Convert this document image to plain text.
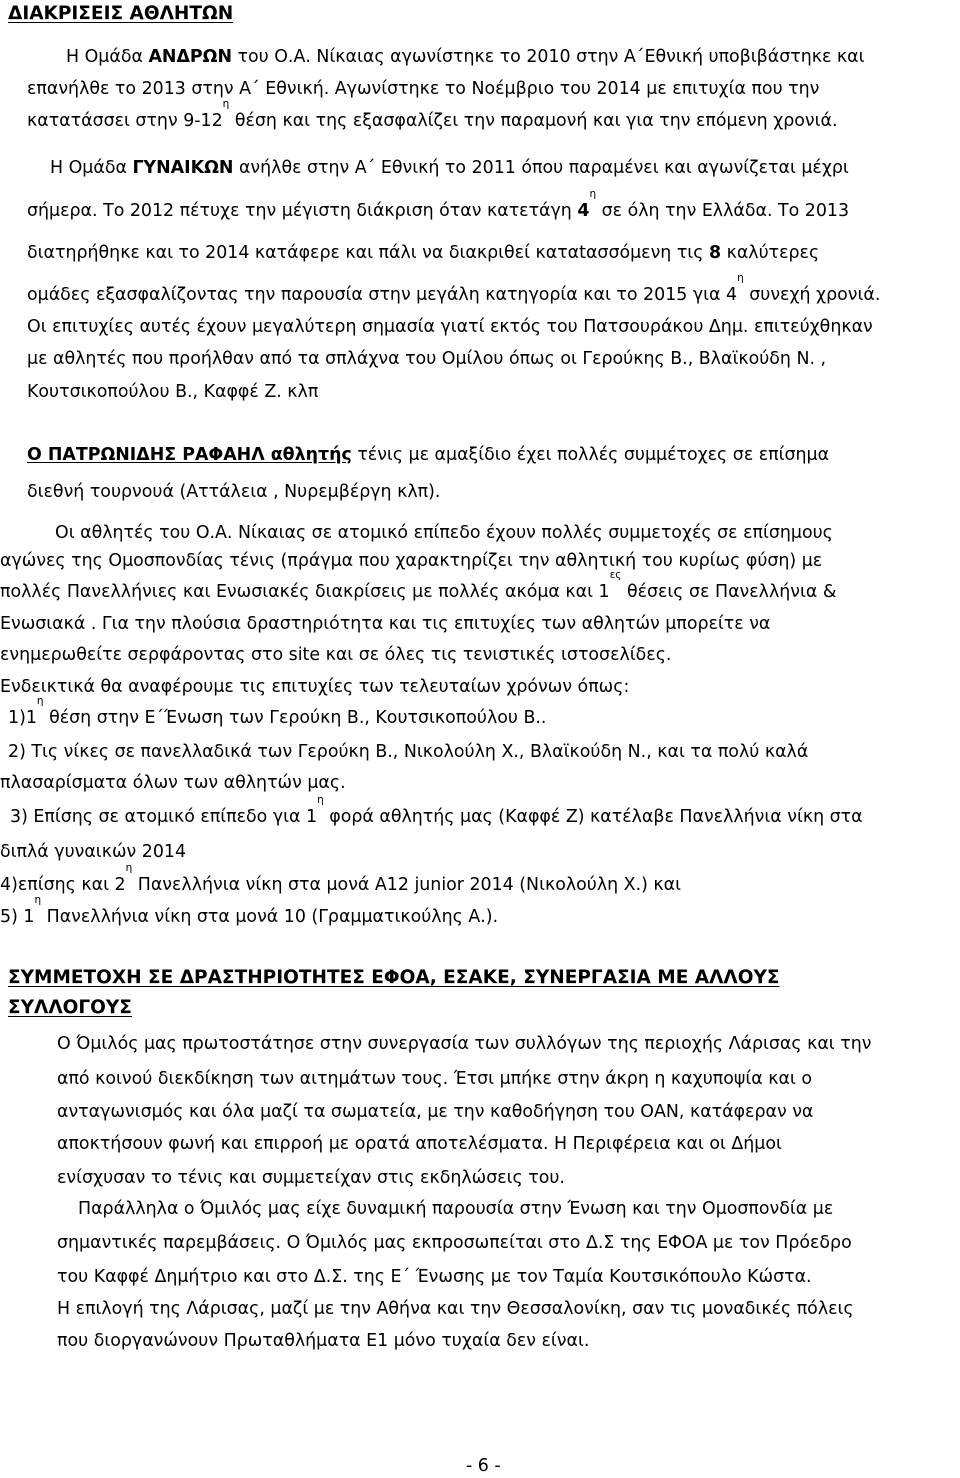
ΔΙΑΚΡΙΣΕΙΣ ΑΘΛΗΤΩΝ
Η Ομάδα ΑΝΔΡΩΝ του Ο.Α. Νίκαιας αγωνίστηκε το 2010 στην Α΄Εθνική υποβιβάστηκε και
επανήλθε το 2013 στην Α΄ Εθνική. Αγωνίστηκε το Νοέμβριο του 2014 με επιτυχία που την
κατατάσσει στην $9-12^\eta$ θέση και της εξασφαλίζει την παραμονή και για την επόμενη χρονιά.
Η Ομάδα ΓΥΝΑΙΚΩΝ ανήλθε στην Α΄ Εθνική το 2011 όπου παραμένει και αγωνίζεται μέχρι
σήμερα. Το 2012 πέτυχε την μέγιστη διάκριση όταν κατετάγη $4^\eta$ σε όλη την Ελλάδα. Το 2013
διατηρήθηκε και το 2014 κατάφερε και πάλι να διακριθεί καταtασσόμενη τις 8 καλύτερες
ομάδες εξασφαλίζοντας την παρουσία στην μεγάλη κατηγορία και το 2015 για $4^\eta$ συνεχή χρονιά.
Οι επιτυχίες αυτές έχουν μεγαλύτερη σημασία γιατί εκτός του Πατσουράκου Δημ. επιτεύχθηκαν
με αθλητές που προήλθαν από τα σπλάχνα του Ομίλου όπως οι Γερούκης Β., Βλαϊκούδη Ν. ,
Κουτσικοπούλου Β., Καφφέ Ζ. κλπ
Ο ΠΑΤΡΩΝΙΔΗΣ ΡΑΦΑΗΛ αθλητής τένις με αμαξίδιο έχει πολλές συμμέτοχες σε επίσημα
διεθνή τουρνουά (Αττάλεια , Νυρεμβέργη κλπ).
Οι αθλητές του Ο.Α. Νίκαιας σε ατομικό επίπεδο έχουν πολλές συμμετοχές σε επίσημους
αγώνες της Ομοσπονδίας τένις (πράγμα που χαρακτηρίζει την αθλητική του κυρίως φύση) με
πολλές Πανελλήνιες και Ενωσιακές διακρίσεις με πολλές ακόμα και $1^{\varepsilon\varsigma}$ θέσεις σε Πανελλήνια &
Ενωσιακά . Για την πλούσια δραστηριότητα και τις επιτυχίες των αθλητών μπορείτε να
ενημερωθείτε σερφάροντας στο site και σε όλες τις τενιστικές ιστοσελίδες.
Ενδεικτικά θα αναφέρουμε τις επιτυχίες των τελευταίων χρόνων όπως:
$1)1^\eta$ θέση στην Ε΄Ένωση των Γερούκη Β., Κουτσικοπούλου Β..
2) Τις νίκες σε πανελλαδικά των Γερούκη Β., Νικολούλη Χ., Βλαϊκούδη Ν., και τα πολύ καλά
πλασαρίσματα όλων των αθλητών μας.
3) Επίσης σε ατομικό επίπεδο για $1^\eta$ φορά αθλητής μας (Καφφέ Ζ) κατέλαβε Πανελλήνια νίκη στα
διπλά γυναικών 2014
4)επίσης και $2^\eta$ Πανελλήνια νίκη στα μονά Α12 junior 2014 (Νικολούλη Χ.) και
5) $1^\eta$ Πανελλήνια νίκη στα μονά 10 (Γραμματικούλης Α.).
ΣΥΜΜΕΤΟΧΗ ΣΕ ΔΡΑΣΤΗΡΙΟΤΗΤΕΣ ΕΦΟΑ, ΕΣΑΚΕ, ΣΥΝΕΡΓΑΣΙΑ ΜΕ ΑΛΛΟΥΣ
ΣΥΛΛΟΓΟΥΣ
Ο Όμιλός μας πρωτοστάτησε στην συνεργασία των συλλόγων της περιοχής Λάρισας και την
από κοινού διεκδίκηση των αιτημάτων τους. Έτσι μπήκε στην άκρη η καχυποψία και ο
ανταγωνισμός και όλα μαζί τα σωματεία, με την καθοδήγηση του ΟΑΝ, κατάφεραν να
αποκτήσουν φωνή και επιρροή με ορατά αποτελέσματα. Η Περιφέρεια και οι Δήμοι
ενίσχυσαν το τένις και συμμετείχαν στις εκδηλώσεις του.
Παράλληλα ο Όμιλός μας είχε δυναμική παρουσία στην Ένωση και την Ομοσπονδία με
σημαντικές παρεμβάσεις. Ο Όμιλός μας εκπροσωπείται στο Δ.Σ της ΕΦΟΑ με τον Πρόεδρο
του Καφφέ Δημήτριο και στο Δ.Σ. της Ε΄ Ένωσης με τον Ταμία Κουτσικόπουλο Κώστα.
Η επιλογή της Λάρισας, μαζί με την Αθήνα και την Θεσσαλονίκη, σαν τις μοναδικές πόλεις
που διοργανώνουν Πρωταθλήματα Ε1 μόνο τυχαία δεν είναι.
- 6 -
